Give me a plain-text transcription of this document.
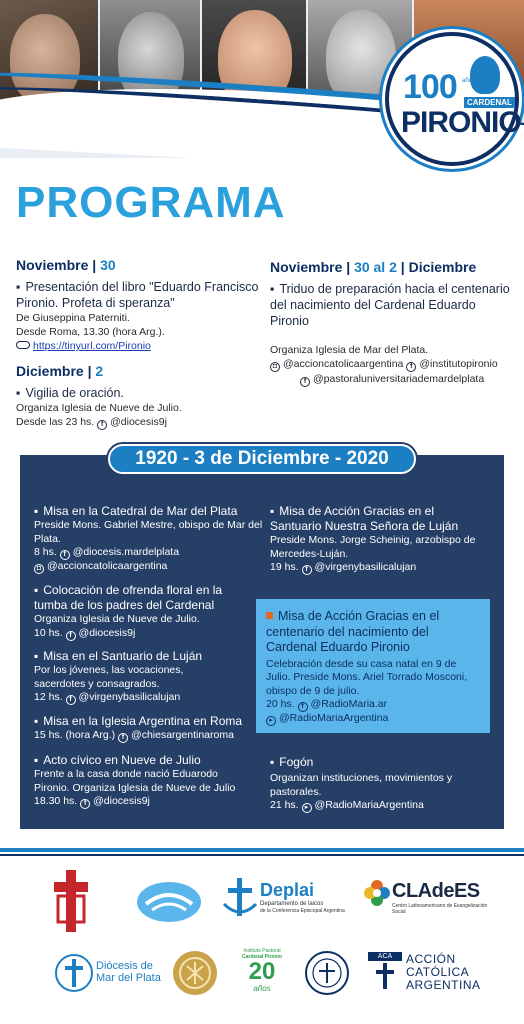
100 años
CARDENAL
PIRONIO
PROGRAMA
Noviembre | 30
▪ Presentación del libro "Eduardo Francisco Pironio. Profeta di speranza"
De Giuseppina Paterniti.
Desde Roma, 13.30 (hora Arg.).
https://tinyurl.com/Pironio
Diciembre | 2
▪ Vigilia de oración.
Organiza Iglesia de Nueve de Julio.
Desde las 23 hs. f @diocesis9j
Noviembre | 30 al 2 | Diciembre
▪ Triduo de preparación hacia el centenario del nacimiento del Cardenal Eduardo Pironio
Organiza Iglesia de Mar del Plata.
◘ @accioncatolicaargentina f @institutopironio
f @pastoraluniversitariademardelplata
1920 - 3 de Diciembre - 2020
▪ Misa en la Catedral de Mar del Plata
Preside Mons. Gabriel Mestre, obispo de Mar del Plata.
8 hs. f @diocesis.mardelplata
◘ @accioncatolicaargentina
▪ Colocación de ofrenda floral en la tumba de los padres del Cardenal
Organiza Iglesia de Nueve de Julio.
10 hs. f @diocesis9j
▪ Misa en el Santuario de Luján
Por los jóvenes, las vocaciones, sacerdotes y consagrados.
12 hs. f @virgenybasilicalujan
▪ Misa en la Iglesia Argentina en Roma
15 hs. (hora Arg.) f @chiesargentinaroma
▪ Acto cívico en Nueve de Julio
Frente a la casa donde nació Eduarodo Pironio. Organiza Iglesia de Nueve de Julio
18.30 hs. f @diocesis9j
▪ Misa de Acción Gracias en el Santuario Nuestra Señora de Luján
Preside Mons. Jorge Scheinig, arzobispo de Mercedes-Luján.
19 hs. f @virgenybasilicalujan
Misa de Acción Gracias en el centenario del nacimiento del Cardenal Eduardo Pironio
Celebración desde su casa natal en 9 de Julio. Preside Mons. Ariel Torrado Mosconi, obispo de 9 de julio.
20 hs. f @RadioMaria.ar
▸ @RadioMariaArgentina
▪ Fogón
Organizan instituciones, movimientos y pastorales.
21 hs. ▸ @RadioMariaArgentina
Deplai
Departamento de laicos
de la Conferencia Episcopal Argentina
CLAdeES
Centro Latinoamericano de Evangelización Social
Diócesis de
Mar del Plata
Instituto Pastoral
Cardenal Pironio
20
años
ACA	ACCIÓN
CATÓLICA
ARGENTINA
